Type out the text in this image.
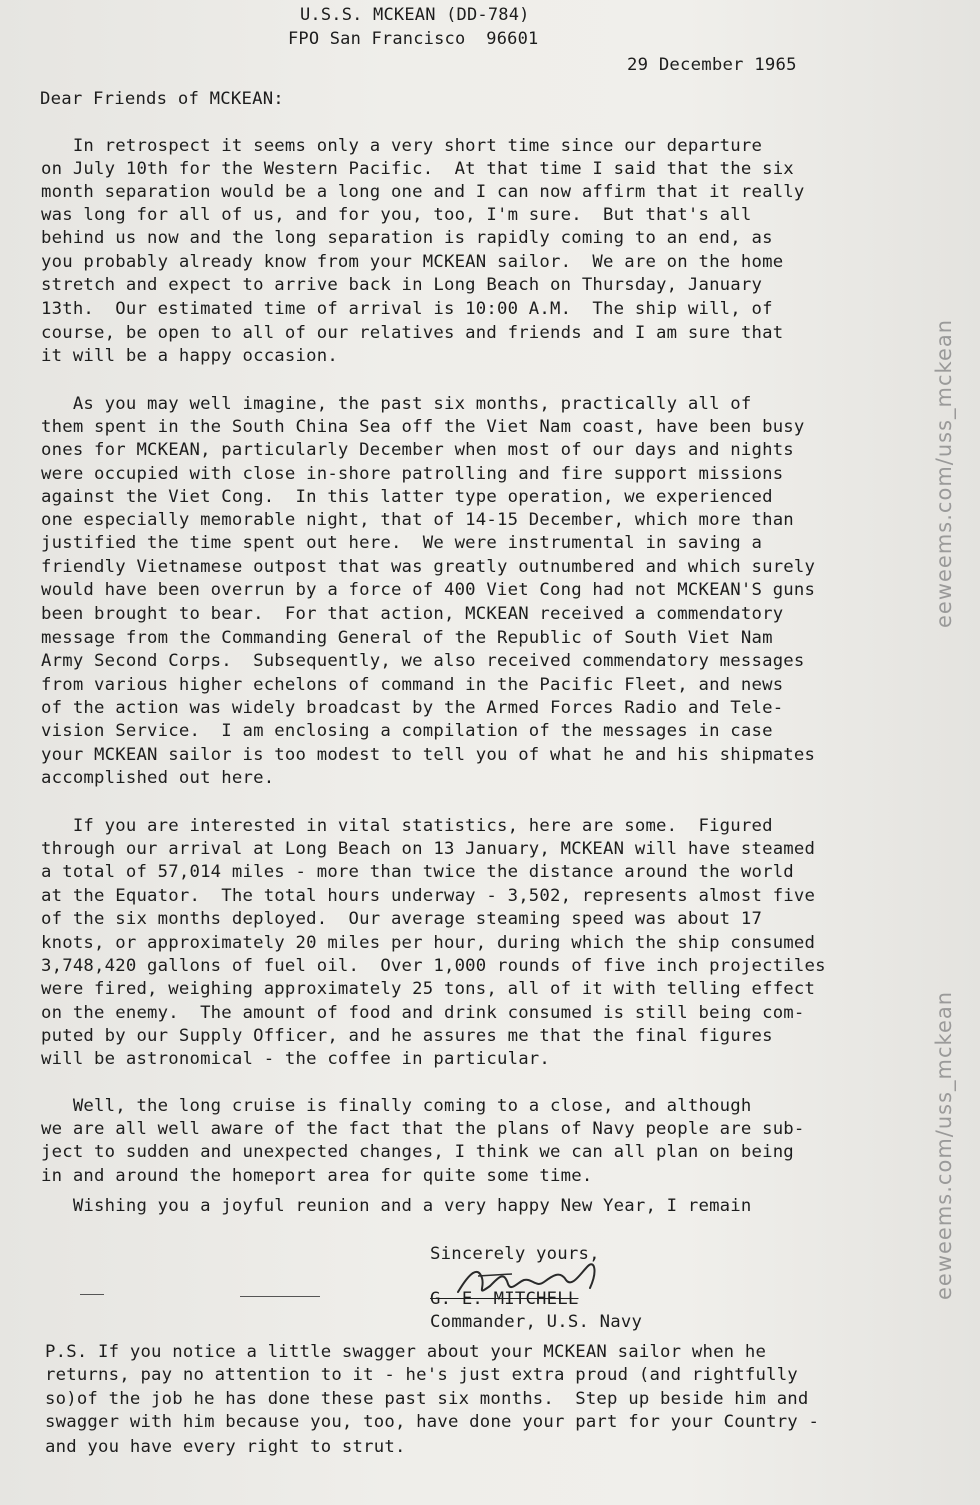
U.S.S. MCKEAN (DD-784)
FPO San Francisco  96601
29 December 1965
Dear Friends of MCKEAN:
In retrospect it seems only a very short time since our departure
on July 10th for the Western Pacific.  At that time I said that the six
month separation would be a long one and I can now affirm that it really
was long for all of us, and for you, too, I'm sure.  But that's all
behind us now and the long separation is rapidly coming to an end, as
you probably already know from your MCKEAN sailor.  We are on the home
stretch and expect to arrive back in Long Beach on Thursday, January
13th.  Our estimated time of arrival is 10:00 A.M.  The ship will, of
course, be open to all of our relatives and friends and I am sure that
it will be a happy occasion.
As you may well imagine, the past six months, practically all of
them spent in the South China Sea off the Viet Nam coast, have been busy
ones for MCKEAN, particularly December when most of our days and nights
were occupied with close in-shore patrolling and fire support missions
against the Viet Cong.  In this latter type operation, we experienced
one especially memorable night, that of 14-15 December, which more than
justified the time spent out here.  We were instrumental in saving a
friendly Vietnamese outpost that was greatly outnumbered and which surely
would have been overrun by a force of 400 Viet Cong had not MCKEAN'S guns
been brought to bear.  For that action, MCKEAN received a commendatory
message from the Commanding General of the Republic of South Viet Nam
Army Second Corps.  Subsequently, we also received commendatory messages
from various higher echelons of command in the Pacific Fleet, and news
of the action was widely broadcast by the Armed Forces Radio and Tele-
vision Service.  I am enclosing a compilation of the messages in case
your MCKEAN sailor is too modest to tell you of what he and his shipmates
accomplished out here.
If you are interested in vital statistics, here are some.  Figured
through our arrival at Long Beach on 13 January, MCKEAN will have steamed
a total of 57,014 miles - more than twice the distance around the world
at the Equator.  The total hours underway - 3,502, represents almost five
of the six months deployed.  Our average steaming speed was about 17
knots, or approximately 20 miles per hour, during which the ship consumed
3,748,420 gallons of fuel oil.  Over 1,000 rounds of five inch projectiles
were fired, weighing approximately 25 tons, all of it with telling effect
on the enemy.  The amount of food and drink consumed is still being com-
puted by our Supply Officer, and he assures me that the final figures
will be astronomical - the coffee in particular.
Well, the long cruise is finally coming to a close, and although
we are all well aware of the fact that the plans of Navy people are sub-
ject to sudden and unexpected changes, I think we can all plan on being
in and around the homeport area for quite some time.
Wishing you a joyful reunion and a very happy New Year, I remain
Sincerely yours,
G. E. MITCHELL
Commander, U.S. Navy
P.S. If you notice a little swagger about your MCKEAN sailor when he
returns, pay no attention to it - he's just extra proud (and rightfully
so)of the job he has done these past six months.  Step up beside him and
swagger with him because you, too, have done your part for your Country -
and you have every right to strut.
eeweems.com/uss_mckean
eeweems.com/uss_mckean
